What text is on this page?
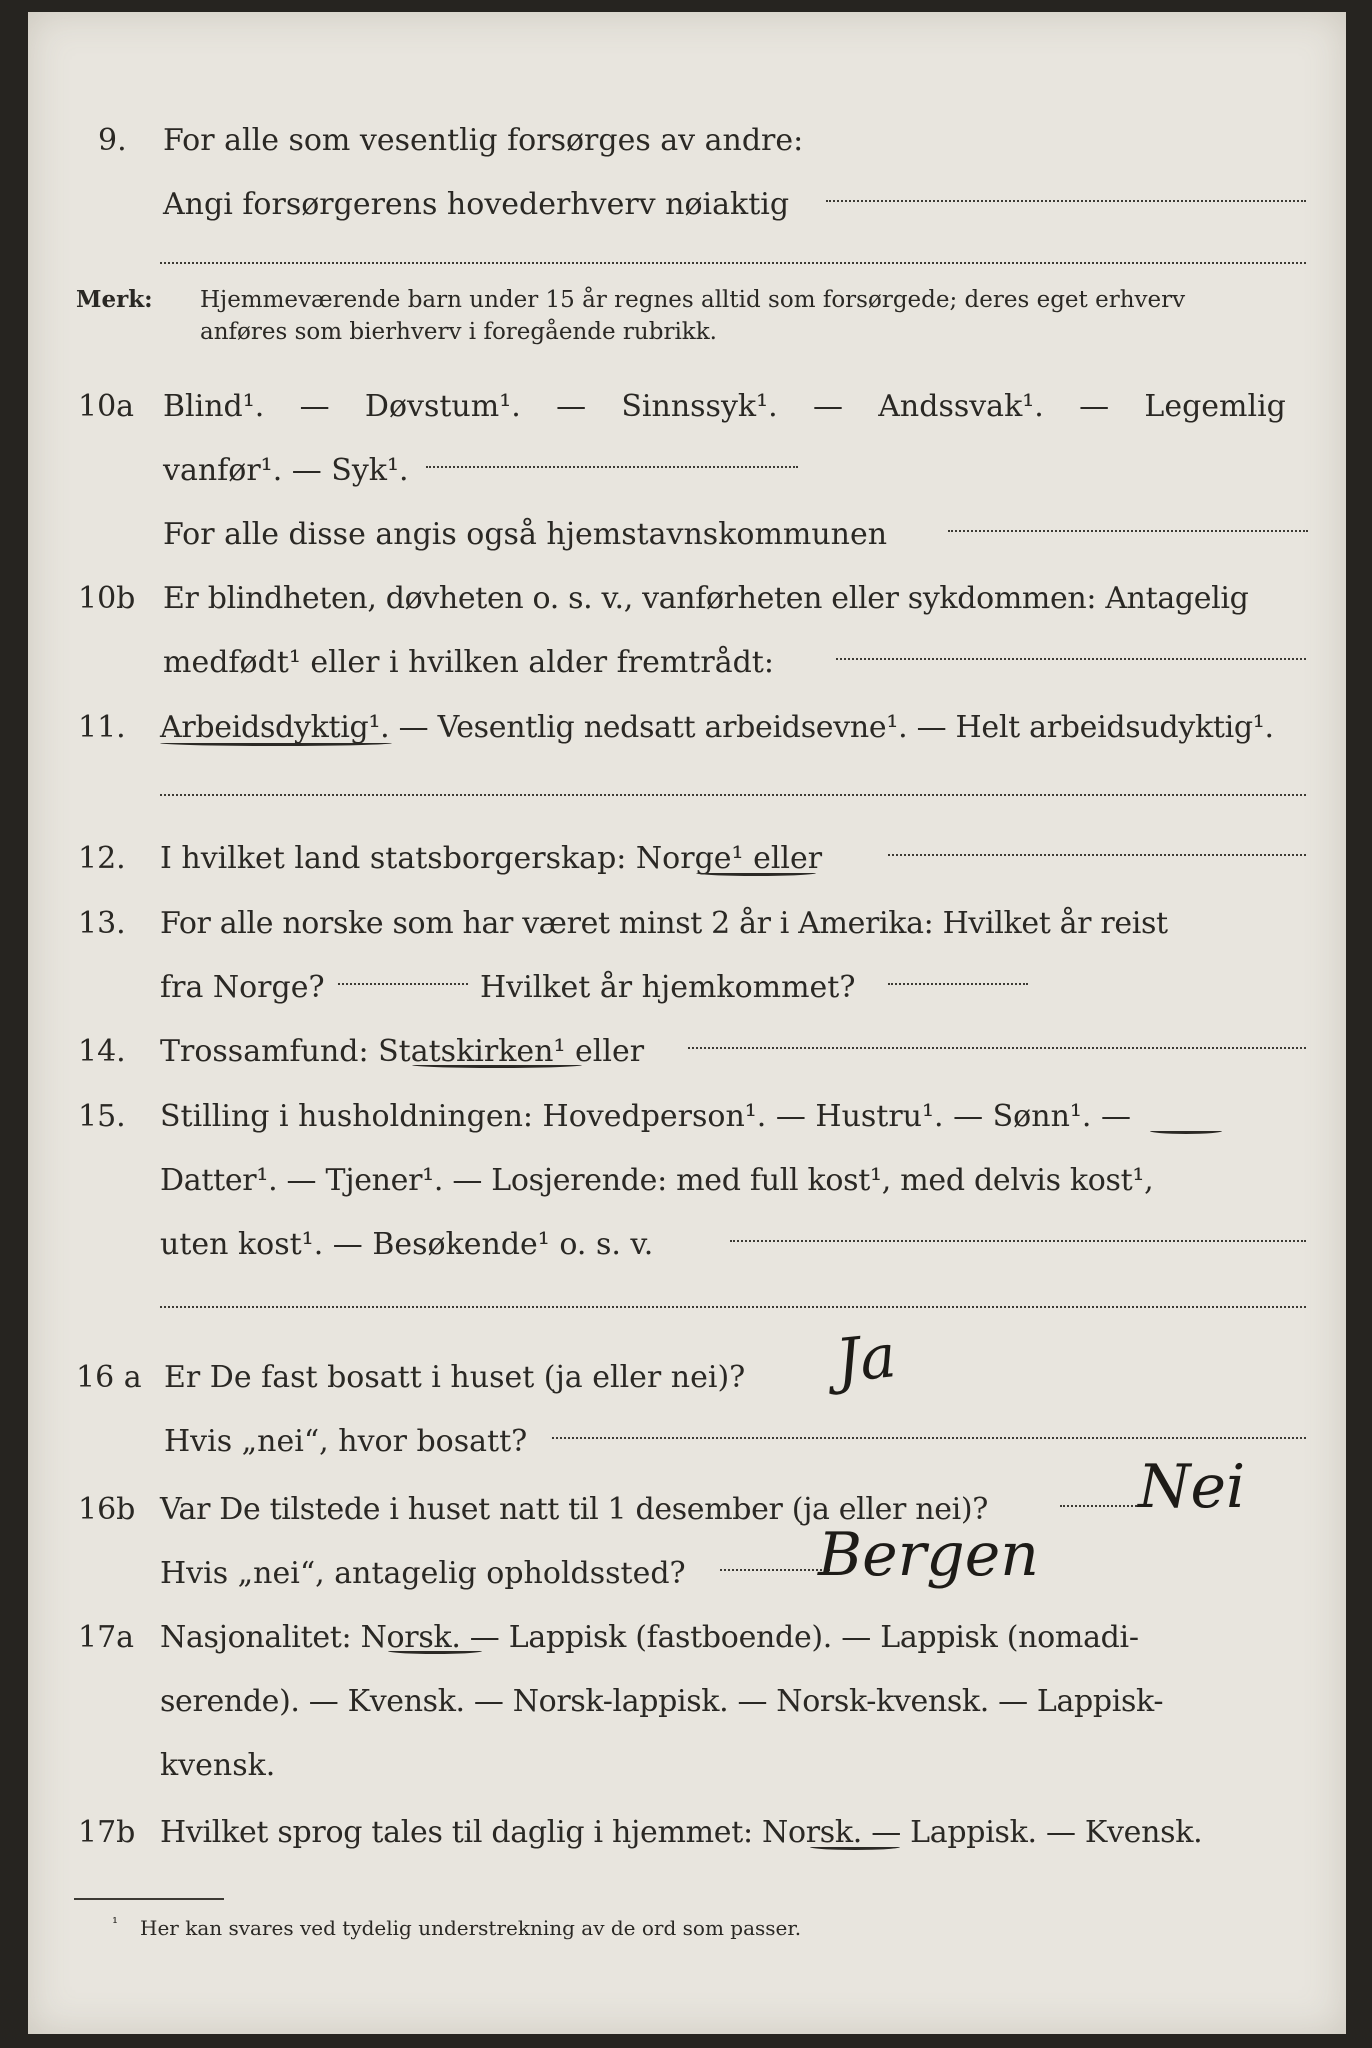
9.	For alle som vesentlig forsørges av andre:
Angi forsørgerens hovederhverv nøiaktig
Merk:	Hjemmeværende barn under 15 år regnes alltid som forsørgede; deres eget erhverv
anføres som bierhverv i foregående rubrikk.
10a Blind¹. — Døvstum¹. — Sinnssyk¹. — Andssvak¹. — Legemlig
vanfør¹. — Syk¹.
For alle disse angis også hjemstavnskommunen
10b Er blindheten, døvheten o. s. v., vanførheten eller sykdommen: Antagelig
medfødt¹ eller i hvilken alder fremtrådt:
11.	Arbeidsdyktig¹. — Vesentlig nedsatt arbeidsevne¹. — Helt arbeidsudyktig¹.
12.	I hvilket land statsborgerskap: Norge¹ eller
13.	For alle norske som har været minst 2 år i Amerika: Hvilket år reist
fra Norge?	Hvilket år hjemkommet?
14.	Trossamfund: Statskirken¹ eller
15.	Stilling i husholdningen: Hovedperson¹. — Hustru¹. — Sønn¹. —
Datter¹. — Tjener¹. — Losjerende: med full kost¹, med delvis kost¹,
uten kost¹. — Besøkende¹ o. s. v.
16 a Er De fast bosatt i huset (ja eller nei)?	Ja
Hvis „nei“, hvor bosatt?
16b Var De tilstede i huset natt til 1 desember (ja eller nei)?	Nei
Hvis „nei“, antagelig opholdssted?	Bergen
17a Nasjonalitet: Norsk. — Lappisk (fastboende). — Lappisk (nomadi-
serende). — Kvensk. — Norsk-lappisk. — Norsk-kvensk. — Lappisk-
kvensk.
17b Hvilket sprog tales til daglig i hjemmet: Norsk. — Lappisk. — Kvensk.
¹	Her kan svares ved tydelig understrekning av de ord som passer.
